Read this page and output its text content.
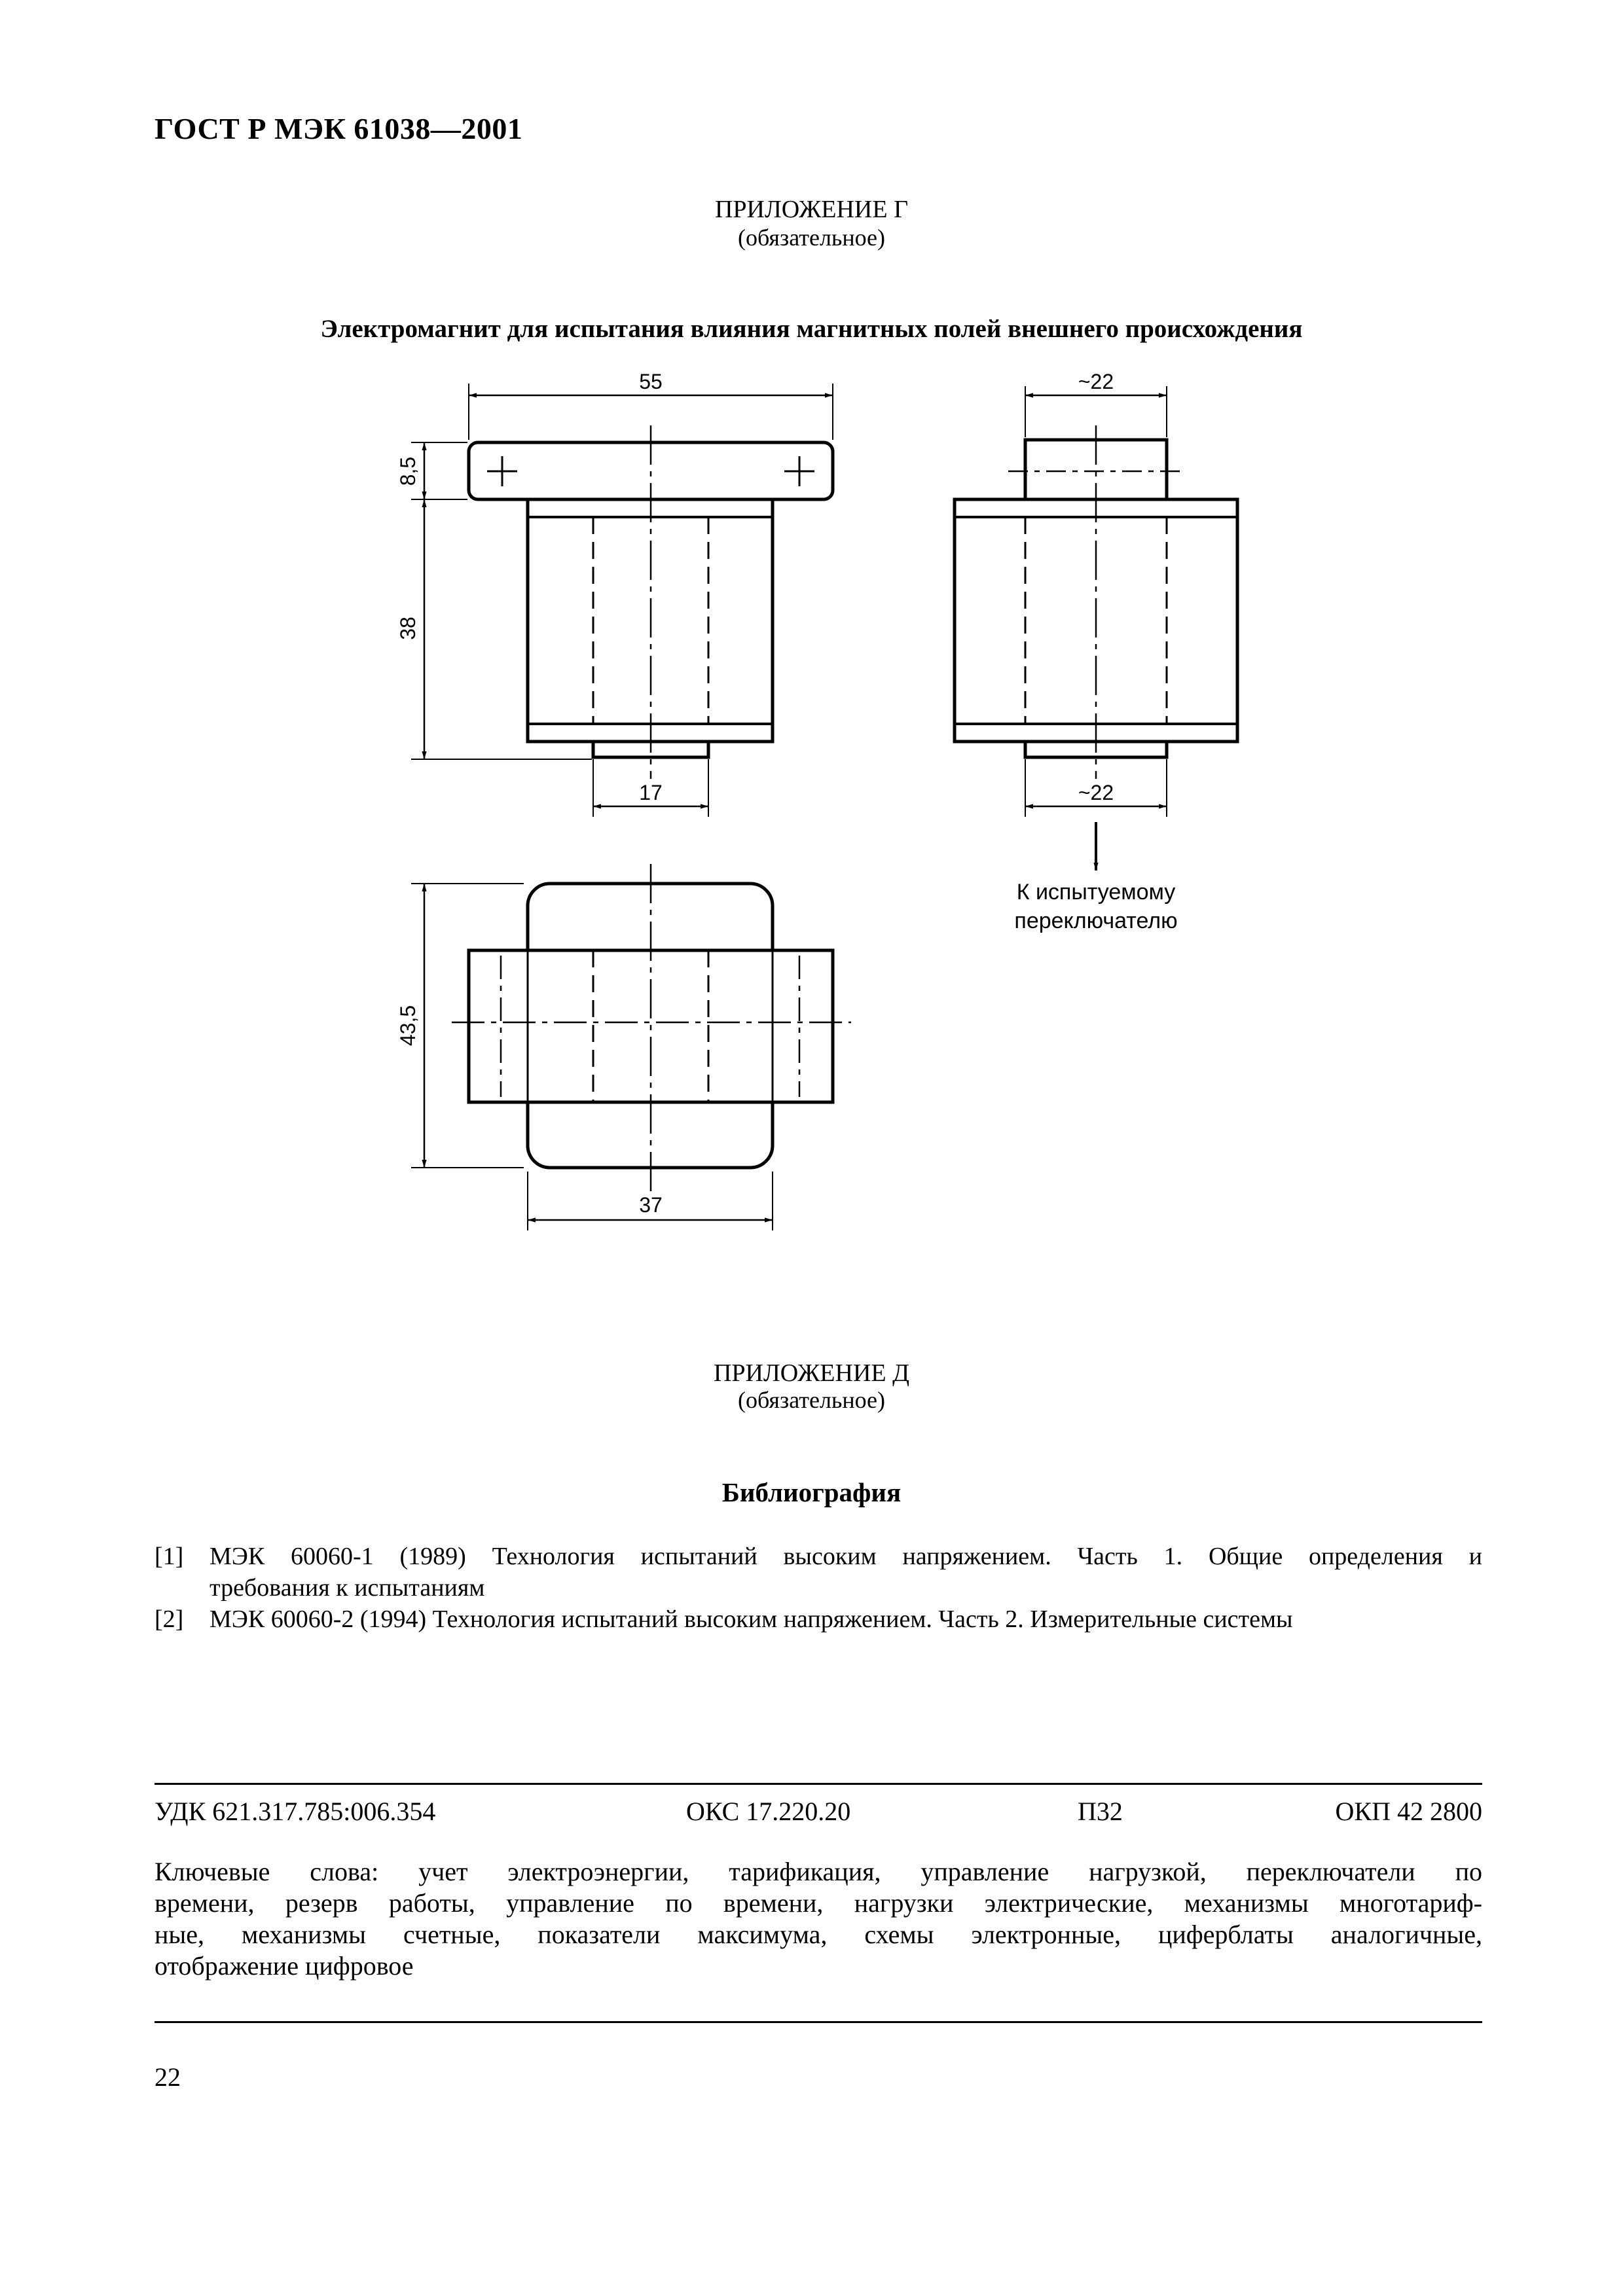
ГОСТ Р МЭК 61038—2001
ПРИЛОЖЕНИЕ Г
(обязательное)
Электромагнит для испытания влияния магнитных полей внешнего происхождения
55
8,5
38
17
~22
~22
К испытуемому
переключателю
43,5
37
ПРИЛОЖЕНИЕ Д
(обязательное)
Библиография
[1] МЭК 60060-1 (1989) Технология испытаний высоким напряжением. Часть 1. Общие определения и
требования к испытаниям
[2] МЭК 60060-2 (1994) Технология испытаний высоким напряжением. Часть 2. Измерительные системы
УДК 621.317.785:006.354	ОКС 17.220.20	П32	ОКП 42 2800
Ключевые слова: учет электроэнергии, тарификация, управление нагрузкой, переключатели по
времени, резерв работы, управление по времени, нагрузки электрические, механизмы многотариф-
ные, механизмы счетные, показатели максимума, схемы электронные, циферблаты аналогичные,
отображение цифровое
22
